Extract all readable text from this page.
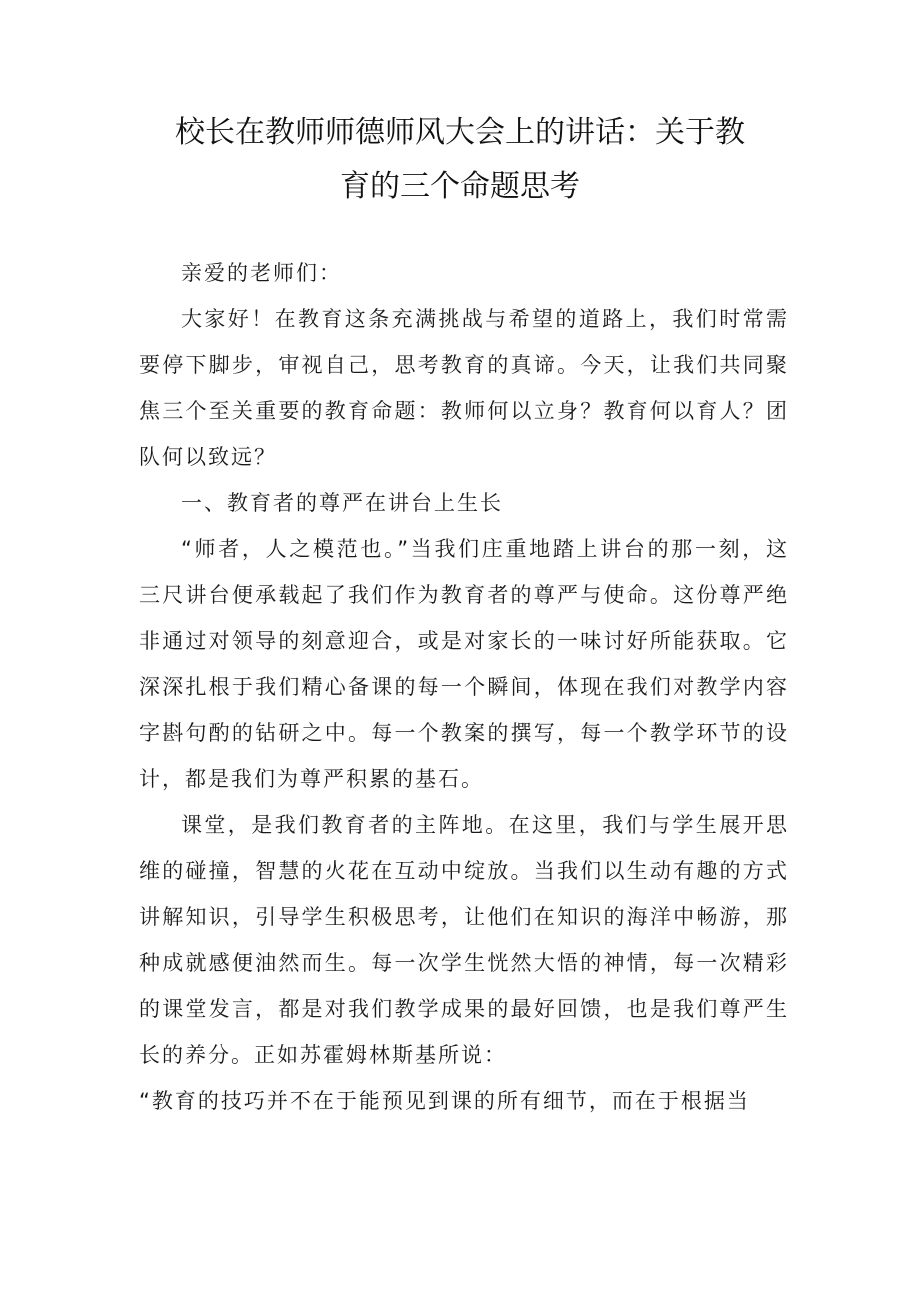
校长在教师师德师风大会上的讲话：关于教
育的三个命题思考

亲爱的老师们：

大家好！在教育这条充满挑战与希望的道路上，我们时常需要停下脚步，审视自己，思考教育的真谛。今天，让我们共同聚焦三个至关重要的教育命题：教师何以立身？教育何以育人？团队何以致远？

一、教育者的尊严在讲台上生长

“师者，人之模范也。”当我们庄重地踏上讲台的那一刻，这三尺讲台便承载起了我们作为教育者的尊严与使命。这份尊严绝非通过对领导的刻意迎合，或是对家长的一味讨好所能获取。它深深扎根于我们精心备课的每一个瞬间，体现在我们对教学内容字斟句酌的钻研之中。每一个教案的撰写，每一个教学环节的设计，都是我们为尊严积累的基石。

课堂，是我们教育者的主阵地。在这里，我们与学生展开思维的碰撞，智慧的火花在互动中绽放。当我们以生动有趣的方式讲解知识，引导学生积极思考，让他们在知识的海洋中畅游，那种成就感便油然而生。每一次学生恍然大悟的神情，每一次精彩的课堂发言，都是对我们教学成果的最好回馈，也是我们尊严生长的养分。正如苏霍姆林斯基所说：

“教育的技巧并不在于能预见到课的所有细节，而在于根据当
